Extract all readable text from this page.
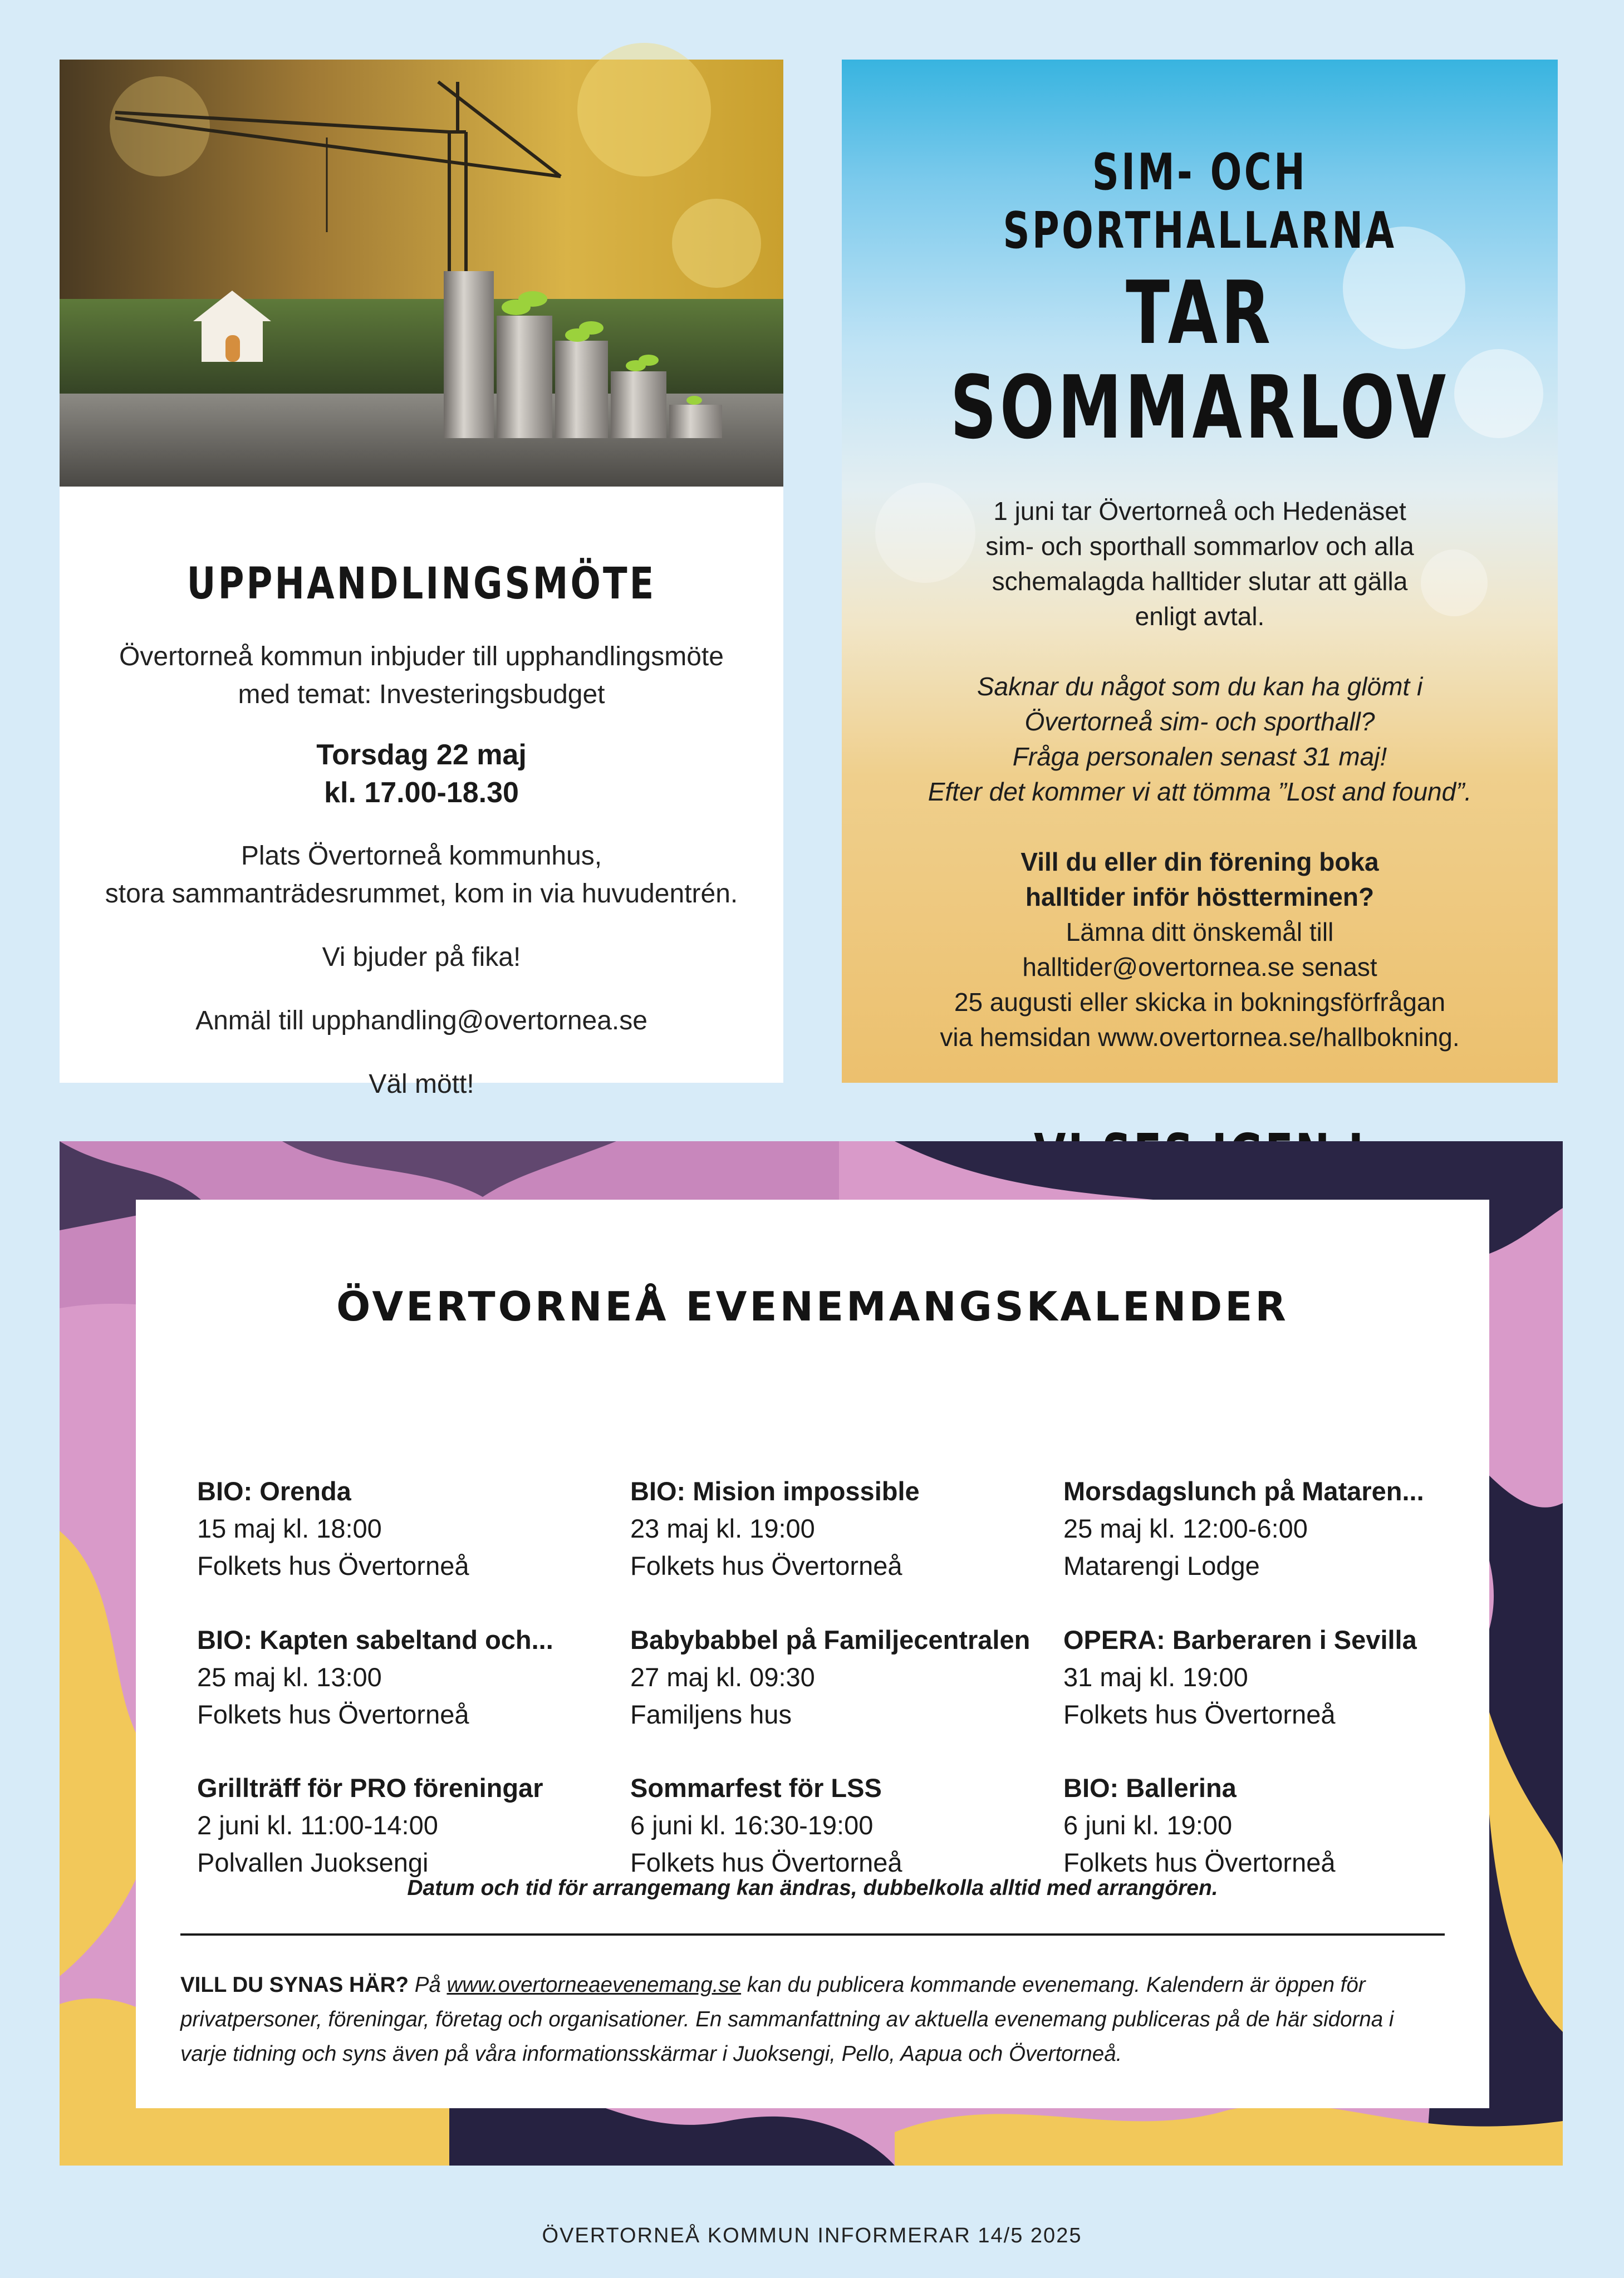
UPPHANDLINGSMÖTE

Övertorneå kommun inbjuder till upphandlingsmöte

med temat: Investeringsbudget

Torsdag 22 maj

kl. 17.00-18.30

Plats Övertorneå kommunhus,

stora sammanträdesrummet, kom in via huvudentrén.

Vi bjuder på fika!

Anmäl till upphandling@overtornea.se

Väl mött!

SIM- OCH SPORTHALLARNA

TAR SOMMARLOV

1 juni tar Övertorneå och Hedenäset

sim- och sporthall sommarlov och alla

schemalagda halltider slutar att gälla

enligt avtal.

Saknar du något som du kan ha glömt i

Övertorneå sim- och sporthall?

Fråga personalen senast 31 maj!

Efter det kommer vi att tömma ”Lost and found”.

Vill du eller din förening boka

halltider inför höstterminen?

Lämna ditt önskemål till

halltider@overtornea.se senast

25 augusti eller skicka in bokningsförfrågan

via hemsidan www.overtornea.se/hallbokning.

ÖVERTORNEÅ EVENEMANGSKALENDER

BIO: Orenda

15 maj kl. 18:00

Folkets hus Övertorneå

BIO: Mision impossible

23 maj kl. 19:00

Folkets hus Övertorneå

Morsdagslunch på Mataren...

25 maj kl. 12:00-6:00

Matarengi Lodge

BIO: Kapten sabeltand och...

25 maj kl. 13:00

Folkets hus Övertorneå

Babybabbel på Familjecentralen

27 maj kl. 09:30

Familjens hus

OPERA: Barberaren i Sevilla

31 maj kl. 19:00

Folkets hus Övertorneå

Grillträff för PRO föreningar

2 juni kl. 11:00-14:00

Polvallen Juoksengi

Sommarfest för LSS

6 juni kl. 16:30-19:00

Folkets hus Övertorneå

BIO: Ballerina

6 juni kl. 19:00

Folkets hus Övertorneå

Datum och tid för arrangemang kan ändras, dubbelkolla alltid med arrangören.

VILL DU SYNAS HÄR? På www.overtorneaevenemang.se kan du publicera kommande evenemang. Kalendern är öppen för privatpersoner, föreningar, företag och organisationer. En sammanfattning av aktuella evenemang publiceras på de här sidorna i varje tidning och syns även på våra informationsskärmar i Juoksengi, Pello, Aapua och Övertorneå.

ÖVERTORNEÅ KOMMUN INFORMERAR 14/5 2025
